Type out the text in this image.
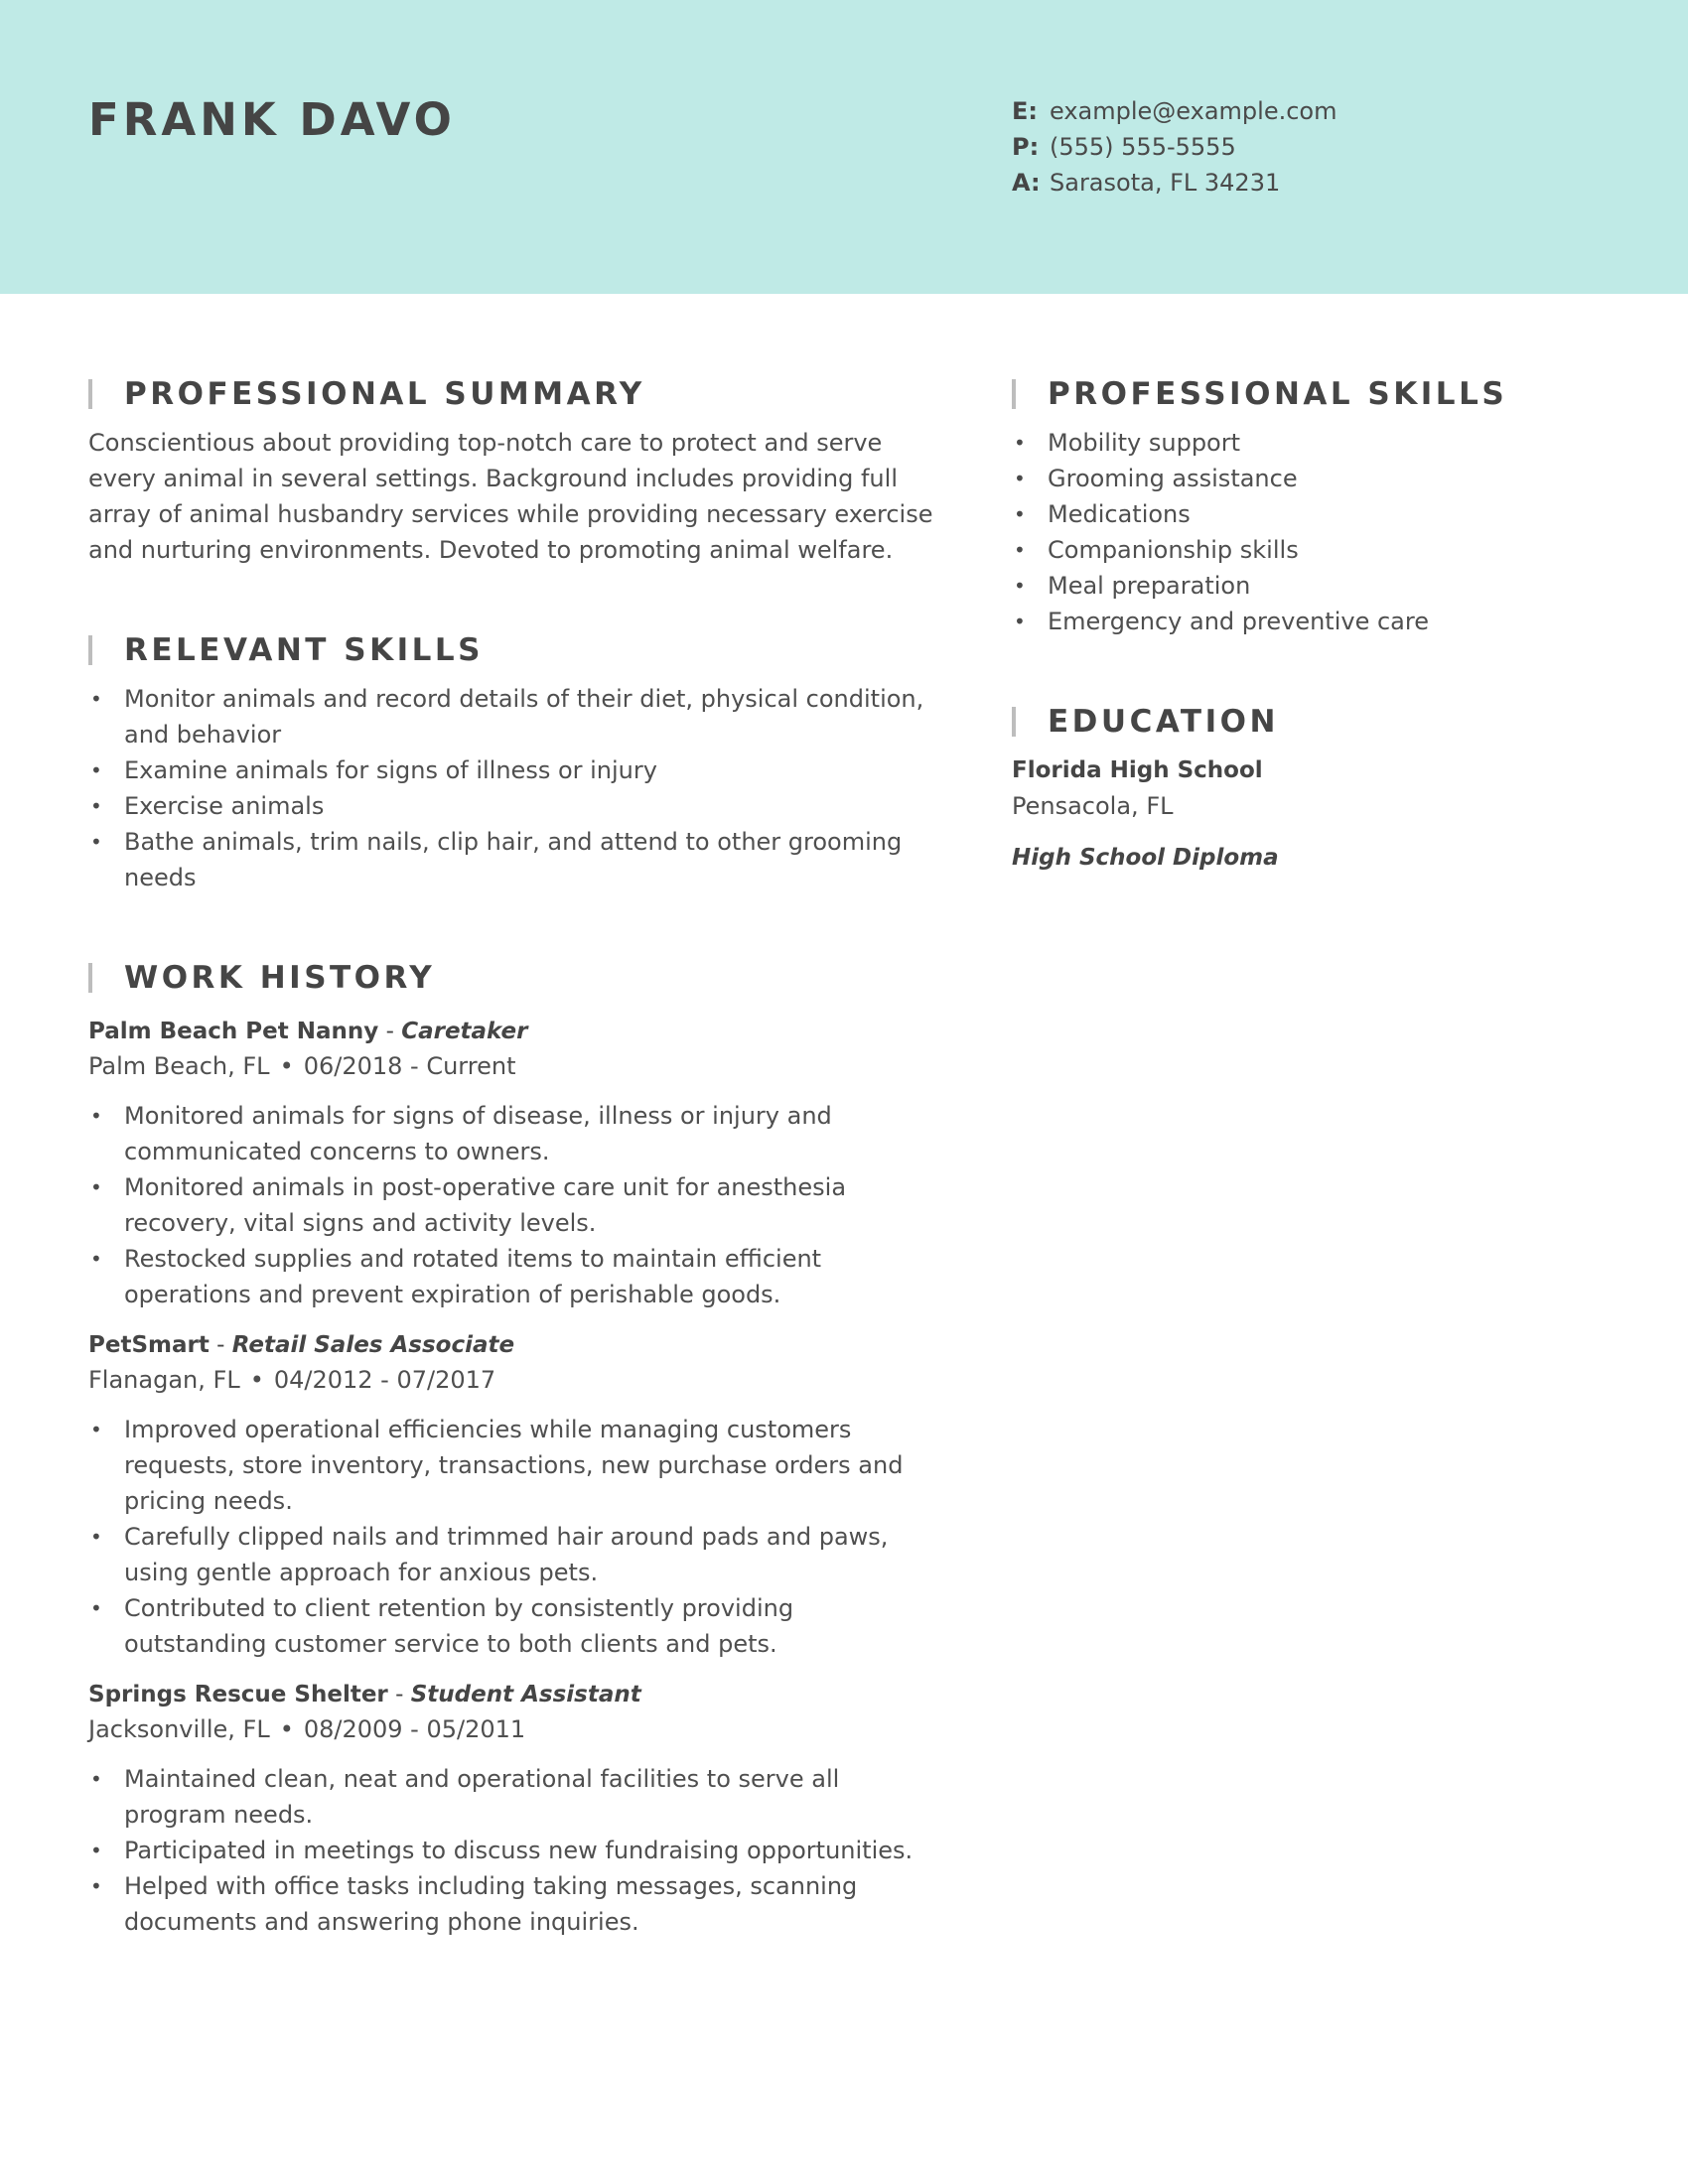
FRANK DAVO	E: example@example.com
P: (555) 555-5555
A: Sarasota, FL 34231
PROFESSIONAL SUMMARY

Conscientious about providing top-notch care to protect and serve every animal in several settings. Background includes providing full array of animal husbandry services while providing necessary exercise and nurturing environments. Devoted to promoting animal welfare.

RELEVANT SKILLS
• Monitor animals and record details of their diet, physical condition, and behavior
• Examine animals for signs of illness or injury
• Exercise animals
• Bathe animals, trim nails, clip hair, and attend to other grooming needs
WORK HISTORY
Palm Beach Pet Nanny - Caretaker
Palm Beach, FL • 06/2018 - Current
• Monitored animals for signs of disease, illness or injury and communicated concerns to owners.
• Monitored animals in post-operative care unit for anesthesia recovery, vital signs and activity levels.
• Restocked supplies and rotated items to maintain efficient operations and prevent expiration of perishable goods.
PetSmart - Retail Sales Associate
Flanagan, FL • 04/2012 - 07/2017
• Improved operational efficiencies while managing customers requests, store inventory, transactions, new purchase orders and pricing needs.
• Carefully clipped nails and trimmed hair around pads and paws, using gentle approach for anxious pets.
• Contributed to client retention by consistently providing outstanding customer service to both clients and pets.
Springs Rescue Shelter - Student Assistant
Jacksonville, FL • 08/2009 - 05/2011
• Maintained clean, neat and operational facilities to serve all program needs.
• Participated in meetings to discuss new fundraising opportunities.
• Helped with office tasks including taking messages, scanning documents and answering phone inquiries.
PROFESSIONAL SKILLS
• Mobility support
• Grooming assistance
• Medications
• Companionship skills
• Meal preparation
• Emergency and preventive care
EDUCATION
Florida High School
Pensacola, FL
High School Diploma
